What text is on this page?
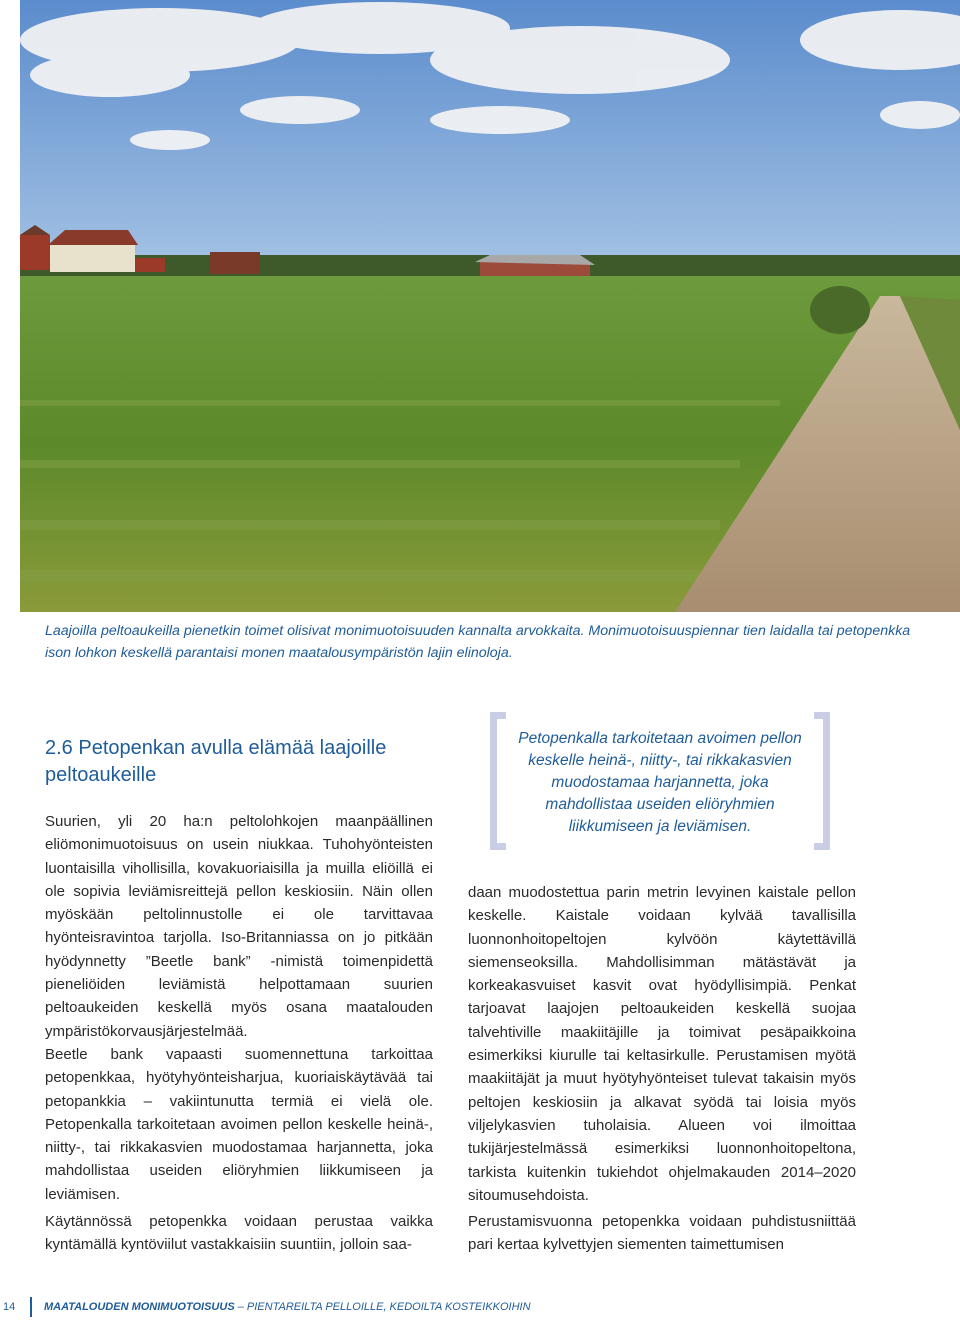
Laajoilla peltoaukeilla pienetkin toimet olisivat monimuotoisuuden kannalta arvokkaita. Monimuotoisuuspiennar tien laidalla tai petopenkka ison lohkon keskellä parantaisi monen maatalousympäristön lajin elinoloja.
2.6 Petopenkan avulla elämää laajoille
peltoaukeille
Petopenkalla tarkoitetaan avoimen pellon keskelle heinä-, niitty-, tai rikkakasvien muodostamaa harjannetta, joka mahdollistaa useiden eliöryhmien liikkumiseen ja leviämisen.
Suurien, yli 20 ha:n peltolohkojen maanpäällinen eliömonimuotoisuus on usein niukkaa. Tuhohyönteisten luontaisilla vihollisilla, kovakuoriaisilla ja muilla eliöillä ei ole sopivia leviämisreittejä pellon keskiosiin. Näin ollen myöskään peltolinnustolle ei ole tarvittavaa hyönteisravintoa tarjolla. Iso-Britanniassa on jo pitkään hyödynnetty ”Beetle bank” -nimistä toimenpidettä pieneliöiden leviämistä helpottamaan suurien peltoaukeiden keskellä myös osana maatalouden ympäristökorvausjärjestelmää.
Beetle bank vapaasti suomennettuna tarkoittaa petopenkkaa, hyötyhyönteisharjua, kuoriaiskäytävää tai petopankkia – vakiintunutta termiä ei vielä ole. Petopenkalla tarkoitetaan avoimen pellon keskelle heinä-, niitty-, tai rikkakasvien muodostamaa harjannetta, joka mahdollistaa useiden eliöryhmien liikkumiseen ja leviämisen.
Käytännössä petopenkka voidaan perustaa vaikka kyntämällä kyntöviilut vastakkaisiin suuntiin, jolloin saa-
daan muodostettua parin metrin levyinen kaistale pellon keskelle. Kaistale voidaan kylvää tavallisilla luonnonhoitopeltojen kylvöön käytettävillä siemenseoksilla. Mahdollisimman mätästävät ja korkeakasvuiset kasvit ovat hyödyllisimpiä. Penkat tarjoavat laajojen peltoaukeiden keskellä suojaa talvehtiville maakiitäjille ja toimivat pesäpaikkoina esimerkiksi kiurulle tai keltasirkulle. Perustamisen myötä maakiitäjät ja muut hyötyhyönteiset tulevat takaisin myös peltojen keskiosiin ja alkavat syödä tai loisia myös viljelykasvien tuholaisia. Alueen voi ilmoittaa tukijärjestelmässä esimerkiksi luonnonhoitopeltona, tarkista kuitenkin tukiehdot ohjelmakauden 2014–2020 sitoumusehdoista.
Perustamisvuonna petopenkka voidaan puhdistusniittää pari kertaa kylvettyjen siementen taimettumisen
14	MAATALOUDEN MONIMUOTOISUUS – PIENTAREILTA PELLOILLE, KEDOILTA KOSTEIKKOIHIN
